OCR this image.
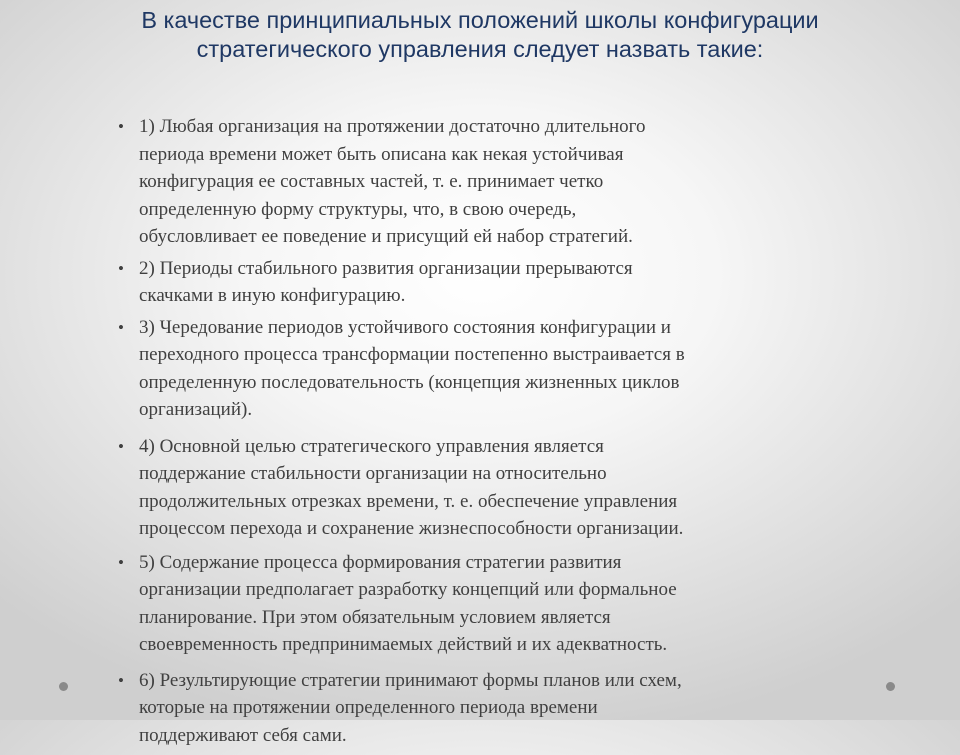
В качестве принципиальных положений школы конфигурации
стратегического управления следует назвать такие:
• 1) Любая организация на протяжении достаточно длительного
периода времени может быть описана как некая устойчивая
конфигурация ее составных частей, т. е. принимает четко
определенную форму структуры, что, в свою очередь,
обусловливает ее поведение и присущий ей набор стратегий.
• 2) Периоды стабильного развития организации прерываются
скачками в иную конфигурацию.
• 3) Чередование периодов устойчивого состояния конфигурации и
переходного процесса трансформации постепенно выстраивается в
определенную последовательность (концепция жизненных циклов
организаций).
• 4) Основной целью стратегического управления является
поддержание стабильности организации на относительно
продолжительных отрезках времени, т. е. обеспечение управления
процессом перехода и сохранение жизнеспособности организации.
• 5) Содержание процесса формирования стратегии развития
организации предполагает разработку концепций или формальное
планирование. При этом обязательным условием является
своевременность предпринимаемых действий и их адекватность.
• 6) Результирующие стратегии принимают формы планов или схем,
которые на протяжении определенного периода времени
поддерживают себя сами.
